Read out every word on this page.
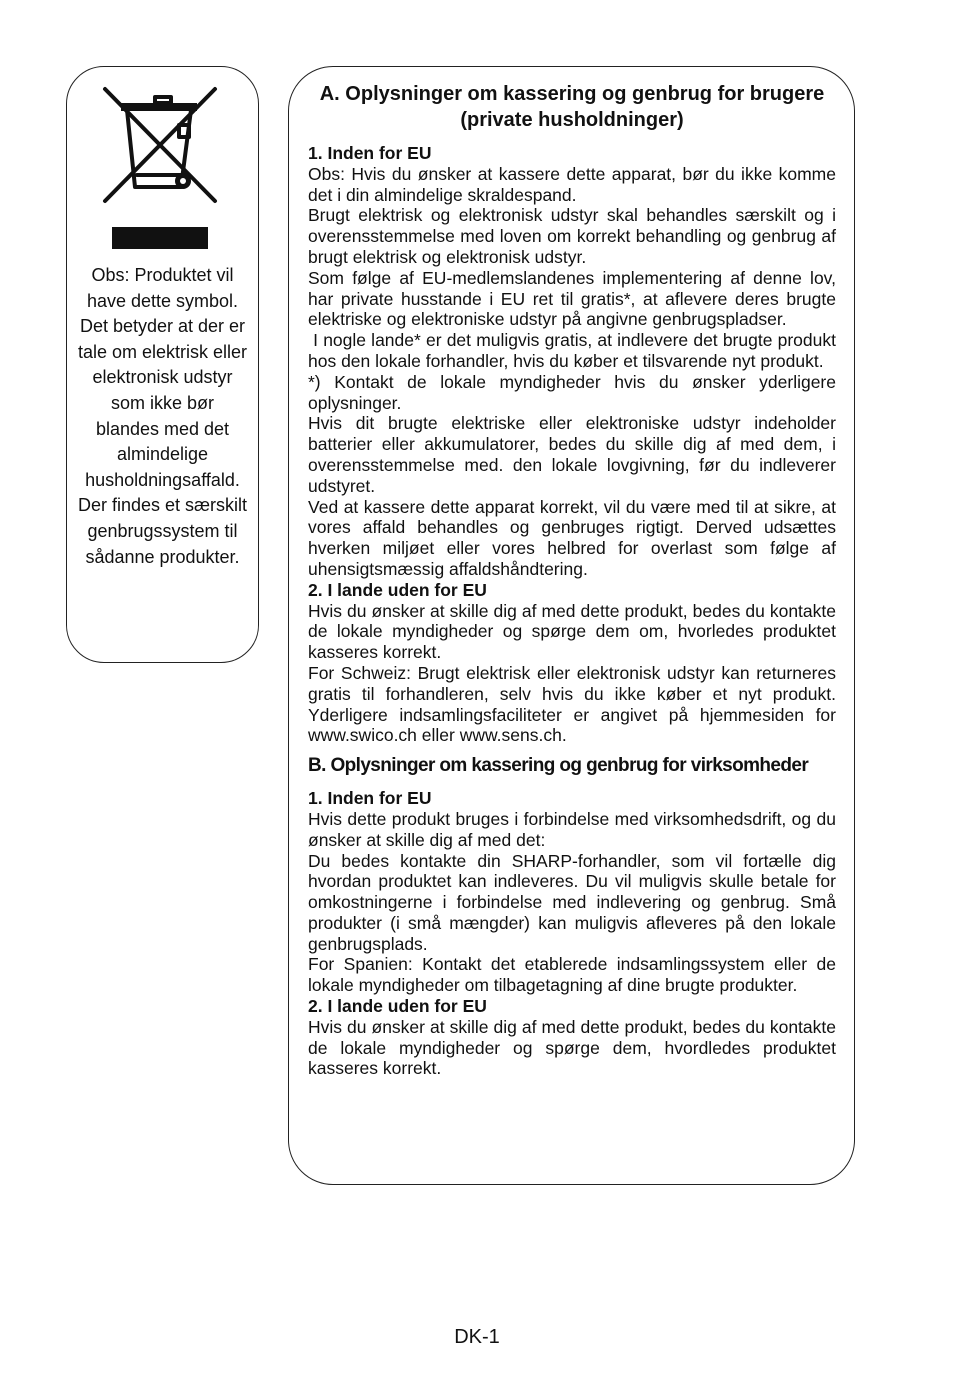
Obs: Produktet vil have dette symbol. Det betyder at der er tale om elektrisk eller elektronisk udstyr som ikke bør blandes med det almindelige husholdningsaffald. Der findes et særskilt genbrugssystem til sådanne produkter.

A. Oplysninger om kassering og genbrug for brugere (private husholdninger)

1. Inden for EU

Obs: Hvis du ønsker at kassere dette apparat, bør du ikke komme det i din almindelige skraldespand.

Brugt elektrisk og elektronisk udstyr skal behandles særskilt og i overensstemmelse med loven om korrekt behandling og genbrug af brugt elektrisk og elektronisk udstyr.

Som følge af EU-medlemslandenes implementering af denne lov, har private husstande i EU ret til gratis*, at aflevere deres brugte elektriske og elektroniske udstyr på angivne genbrugspladser.

I nogle lande* er det muligvis gratis, at indlevere det brugte produkt hos den lokale forhandler, hvis du køber et tilsvarende nyt produkt.

*) Kontakt de lokale myndigheder hvis du ønsker yderligere oplysninger.

Hvis dit brugte elektriske eller elektroniske udstyr indeholder batterier eller akkumulatorer, bedes du skille dig af med dem, i overensstemmelse med. den lokale lovgivning, før du indleverer udstyret.

Ved at kassere dette apparat korrekt, vil du være med til at sikre, at vores affald behandles og genbruges rigtigt. Derved udsættes hverken miljøet eller vores helbred for overlast som følge af uhensigtsmæssig affaldshåndtering.

2. I lande uden for EU

Hvis du ønsker at skille dig af med dette produkt, bedes du kontakte de lokale myndigheder og spørge dem om, hvorledes produktet kasseres korrekt.

For Schweiz: Brugt elektrisk eller elektronisk udstyr kan returneres gratis til forhandleren, selv hvis du ikke køber et nyt produkt. Yderligere indsamlingsfaciliteter er angivet på hjemmesiden for www.swico.ch eller www.sens.ch.

B. Oplysninger om kassering og genbrug for virksomheder

1. Inden for EU

Hvis dette produkt bruges i forbindelse med virksomhedsdrift, og du ønsker at skille dig af med det:

Du bedes kontakte din SHARP-forhandler, som vil fortælle dig hvordan produktet kan indleveres. Du vil muligvis skulle betale for omkostningerne i forbindelse med indlevering og genbrug. Små produkter (i små mængder) kan muligvis afleveres på den lokale genbrugsplads.

For Spanien: Kontakt det etablerede indsamlingssystem eller de lokale myndigheder om tilbagetagning af dine brugte produkter.

2. I lande uden for EU

Hvis du ønsker at skille dig af med dette produkt, bedes du kontakte de lokale myndigheder og spørge dem, hvordledes produktet kasseres korrekt.

DK-1
